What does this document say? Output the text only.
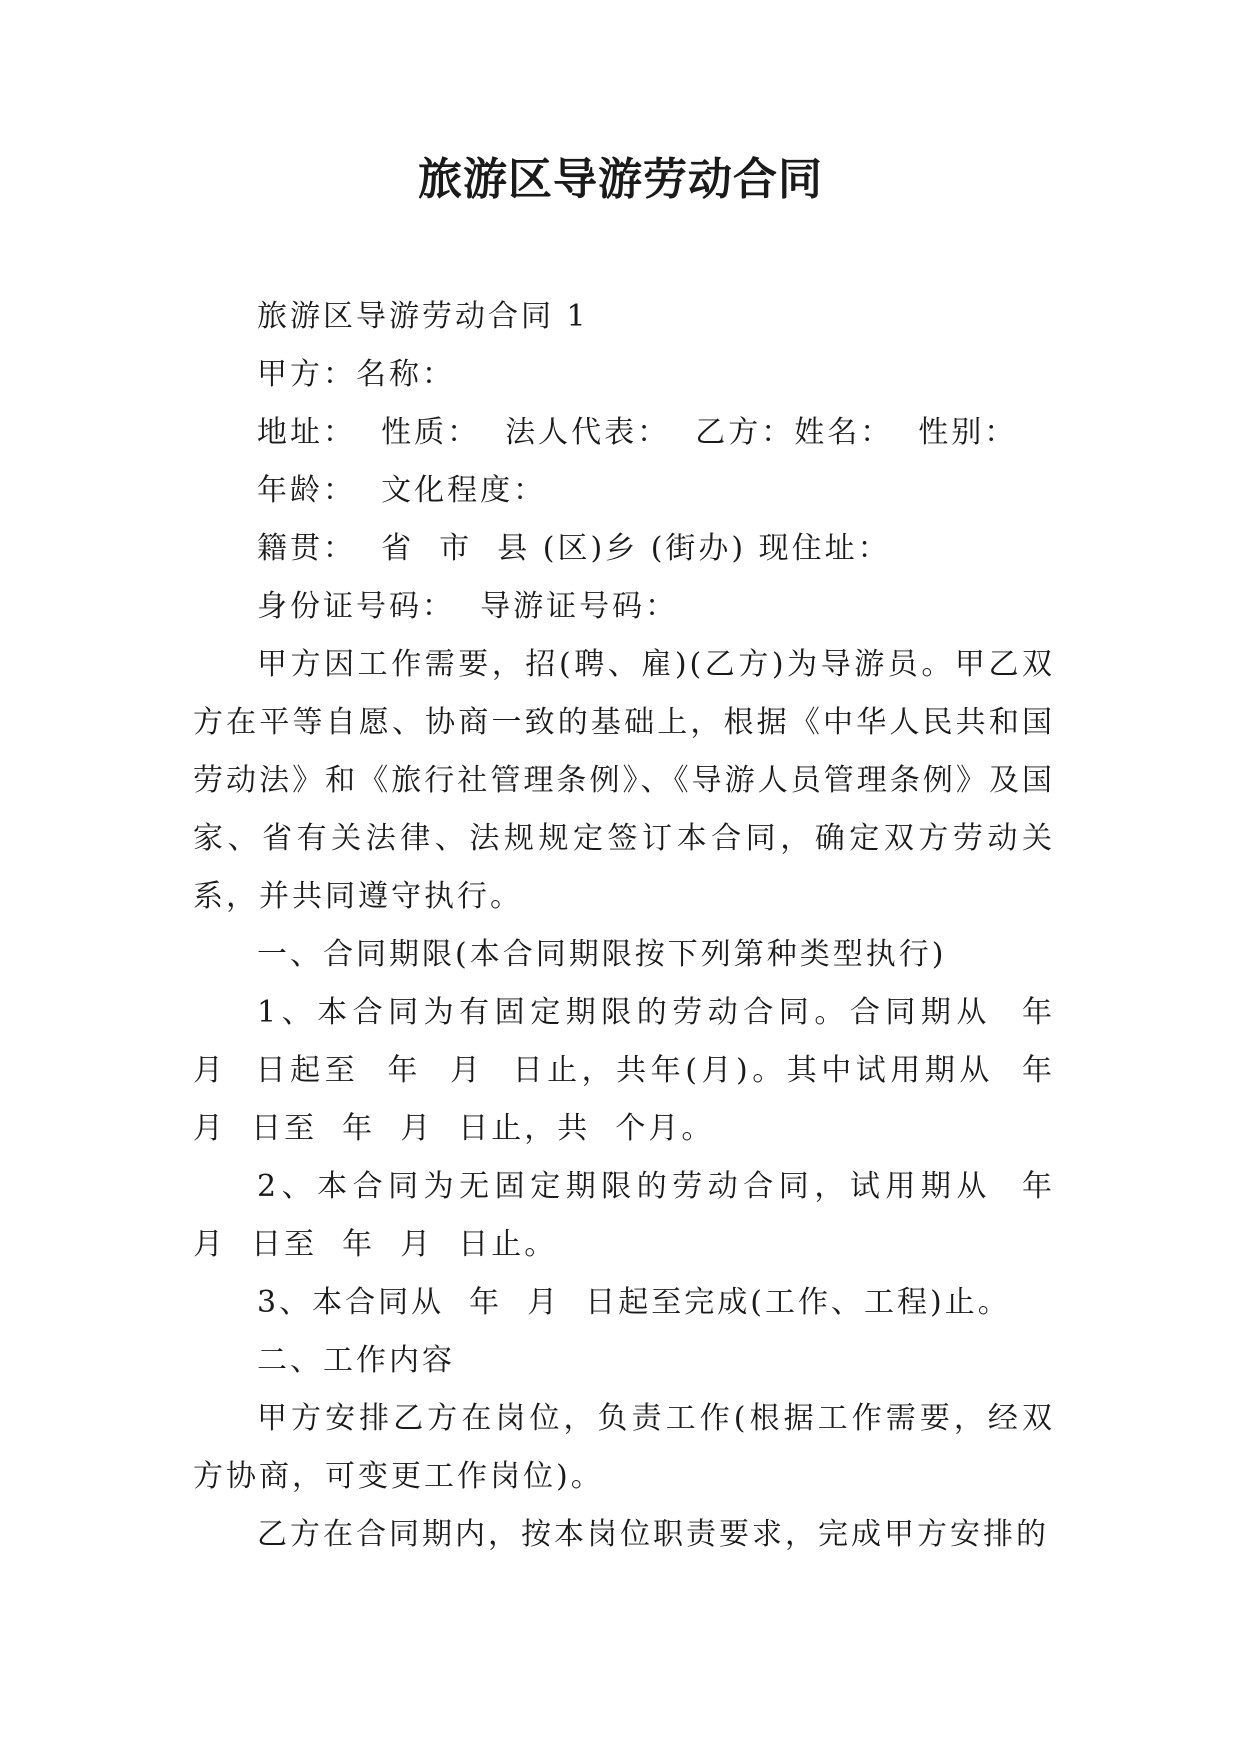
旅游区导游劳动合同

旅游区导游劳动合同 1

甲方：名称：

地址：  性质：  法人代表：  乙方：姓名：  性别：

年龄：  文化程度：

籍贯：  省  市  县 (区)乡 (街办) 现住址：

身份证号码：  导游证号码：

甲方因工作需要，招(聘、雇)(乙方)为导游员。甲乙双方在平等自愿、协商一致的基础上，根据《中华人民共和国劳动法》和《旅行社管理条例》、《导游人员管理条例》及国家、省有关法律、法规规定签订本合同，确定双方劳动关系，并共同遵守执行。

一、合同期限(本合同期限按下列第种类型执行)

1、本合同为有固定期限的劳动合同。合同期从  年  月  日起至  年  月  日止，共年(月)。其中试用期从  年  月  日至  年  月  日止，共  个月。

2、本合同为无固定期限的劳动合同，试用期从  年  月  日至  年  月  日止。

3、本合同从  年  月  日起至完成(工作、工程)止。

二、工作内容

甲方安排乙方在岗位，负责工作(根据工作需要，经双方协商，可变更工作岗位)。

乙方在合同期内，按本岗位职责要求，完成甲方安排的
